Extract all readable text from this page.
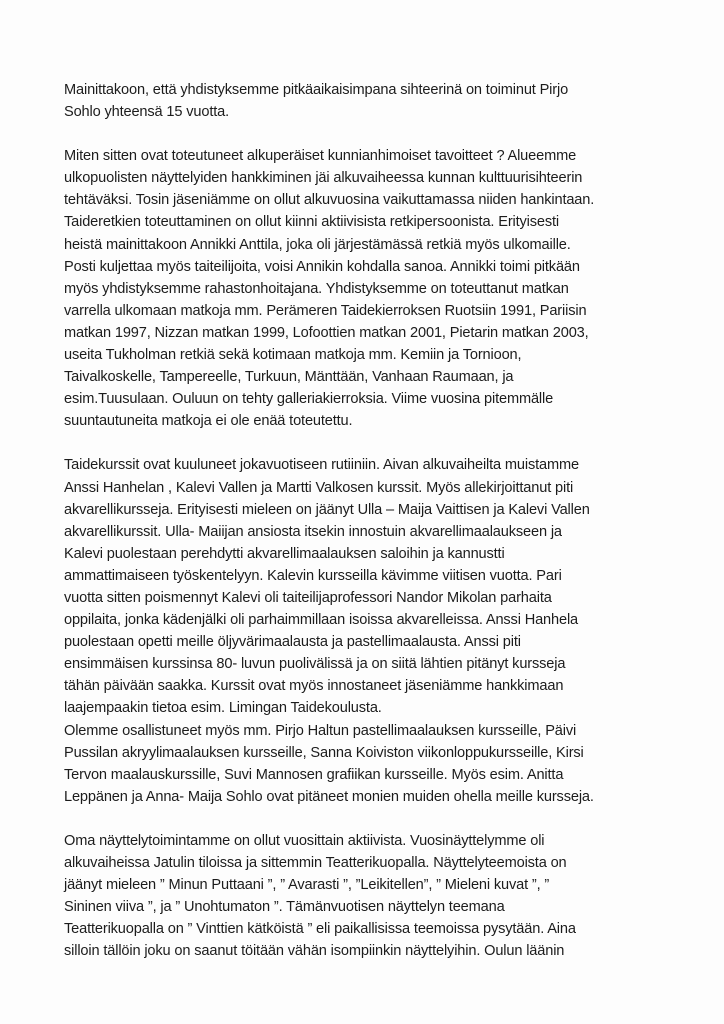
Mainittakoon, että yhdistyksemme pitkäaikaisimpana sihteerinä on toiminut Pirjo
Sohlo yhteensä 15 vuotta.

Miten sitten ovat toteutuneet alkuperäiset kunnianhimoiset tavoitteet ? Alueemme
ulkopuolisten näyttelyiden hankkiminen jäi alkuvaiheessa kunnan kulttuurisihteerin
tehtäväksi. Tosin jäseniämme on ollut alkuvuosina vaikuttamassa niiden hankintaan.
Taideretkien toteuttaminen on ollut kiinni aktiivisista retkipersoonista. Erityisesti
heistä mainittakoon Annikki Anttila, joka oli järjestämässä retkiä myös ulkomaille.
Posti kuljettaa myös taiteilijoita, voisi Annikin kohdalla sanoa. Annikki toimi pitkään
myös yhdistyksemme rahastonhoitajana. Yhdistyksemme on toteuttanut matkan
varrella ulkomaan matkoja mm. Perämeren Taidekierroksen Ruotsiin 1991, Pariisin
matkan 1997, Nizzan matkan 1999, Lofoottien matkan 2001, Pietarin matkan 2003,
useita Tukholman retkiä sekä kotimaan matkoja mm. Kemiin ja Tornioon,
Taivalkoskelle, Tampereelle, Turkuun, Mänttään, Vanhaan Raumaan, ja
esim.Tuusulaan. Ouluun on tehty galleriakierroksia. Viime vuosina pitemmälle
suuntautuneita matkoja ei ole enää toteutettu.

Taidekurssit ovat kuuluneet jokavuotiseen rutiiniin. Aivan alkuvaiheilta muistamme
Anssi Hanhelan , Kalevi Vallen ja Martti Valkosen kurssit. Myös allekirjoittanut piti
akvarellikursseja. Erityisesti mieleen on jäänyt Ulla – Maija Vaittisen ja Kalevi Vallen
akvarellikurssit. Ulla- Maiijan ansiosta itsekin innostuin akvarellimaalaukseen ja
Kalevi puolestaan perehdytti akvarellimaalauksen saloihin ja kannustti
ammattimaiseen työskentelyyn. Kalevin kursseilla kävimme viitisen vuotta. Pari
vuotta sitten poismennyt Kalevi oli taiteilijaprofessori Nandor Mikolan parhaita
oppilaita, jonka kädenjälki oli parhaimmillaan isoissa akvarelleissa. Anssi Hanhela
puolestaan opetti meille öljyvärimaalausta ja pastellimaalausta. Anssi piti
ensimmäisen kurssinsa 80- luvun puolivälissä ja on siitä lähtien pitänyt kursseja
tähän päivään saakka. Kurssit ovat myös innostaneet jäseniämme hankkimaan
laajempaakin tietoa esim. Limingan Taidekoulusta.
Olemme osallistuneet myös mm. Pirjo Haltun pastellimaalauksen kursseille, Päivi
Pussilan akryylimaalauksen kursseille, Sanna Koiviston viikonloppukursseille, Kirsi
Tervon maalauskurssille, Suvi Mannosen grafiikan kursseille. Myös esim. Anitta
Leppänen ja Anna- Maija Sohlo ovat pitäneet monien muiden ohella meille kursseja.

Oma näyttelytoimintamme on ollut vuosittain aktiivista. Vuosinäyttelymme oli
alkuvaiheissa Jatulin tiloissa ja sittemmin Teatterikuopalla. Näyttelyteemoista on
jäänyt mieleen ” Minun Puttaani ”, ” Avarasti ”, ”Leikitellen”, ” Mieleni kuvat ”, ”
Sininen viiva ”, ja ” Unohtumaton ”. Tämänvuotisen näyttelyn teemana
Teatterikuopalla on ” Vinttien kätköistä ” eli paikallisissa teemoissa pysytään. Aina
silloin tällöin joku on saanut töitään vähän isompiinkin näyttelyihin. Oulun läänin
